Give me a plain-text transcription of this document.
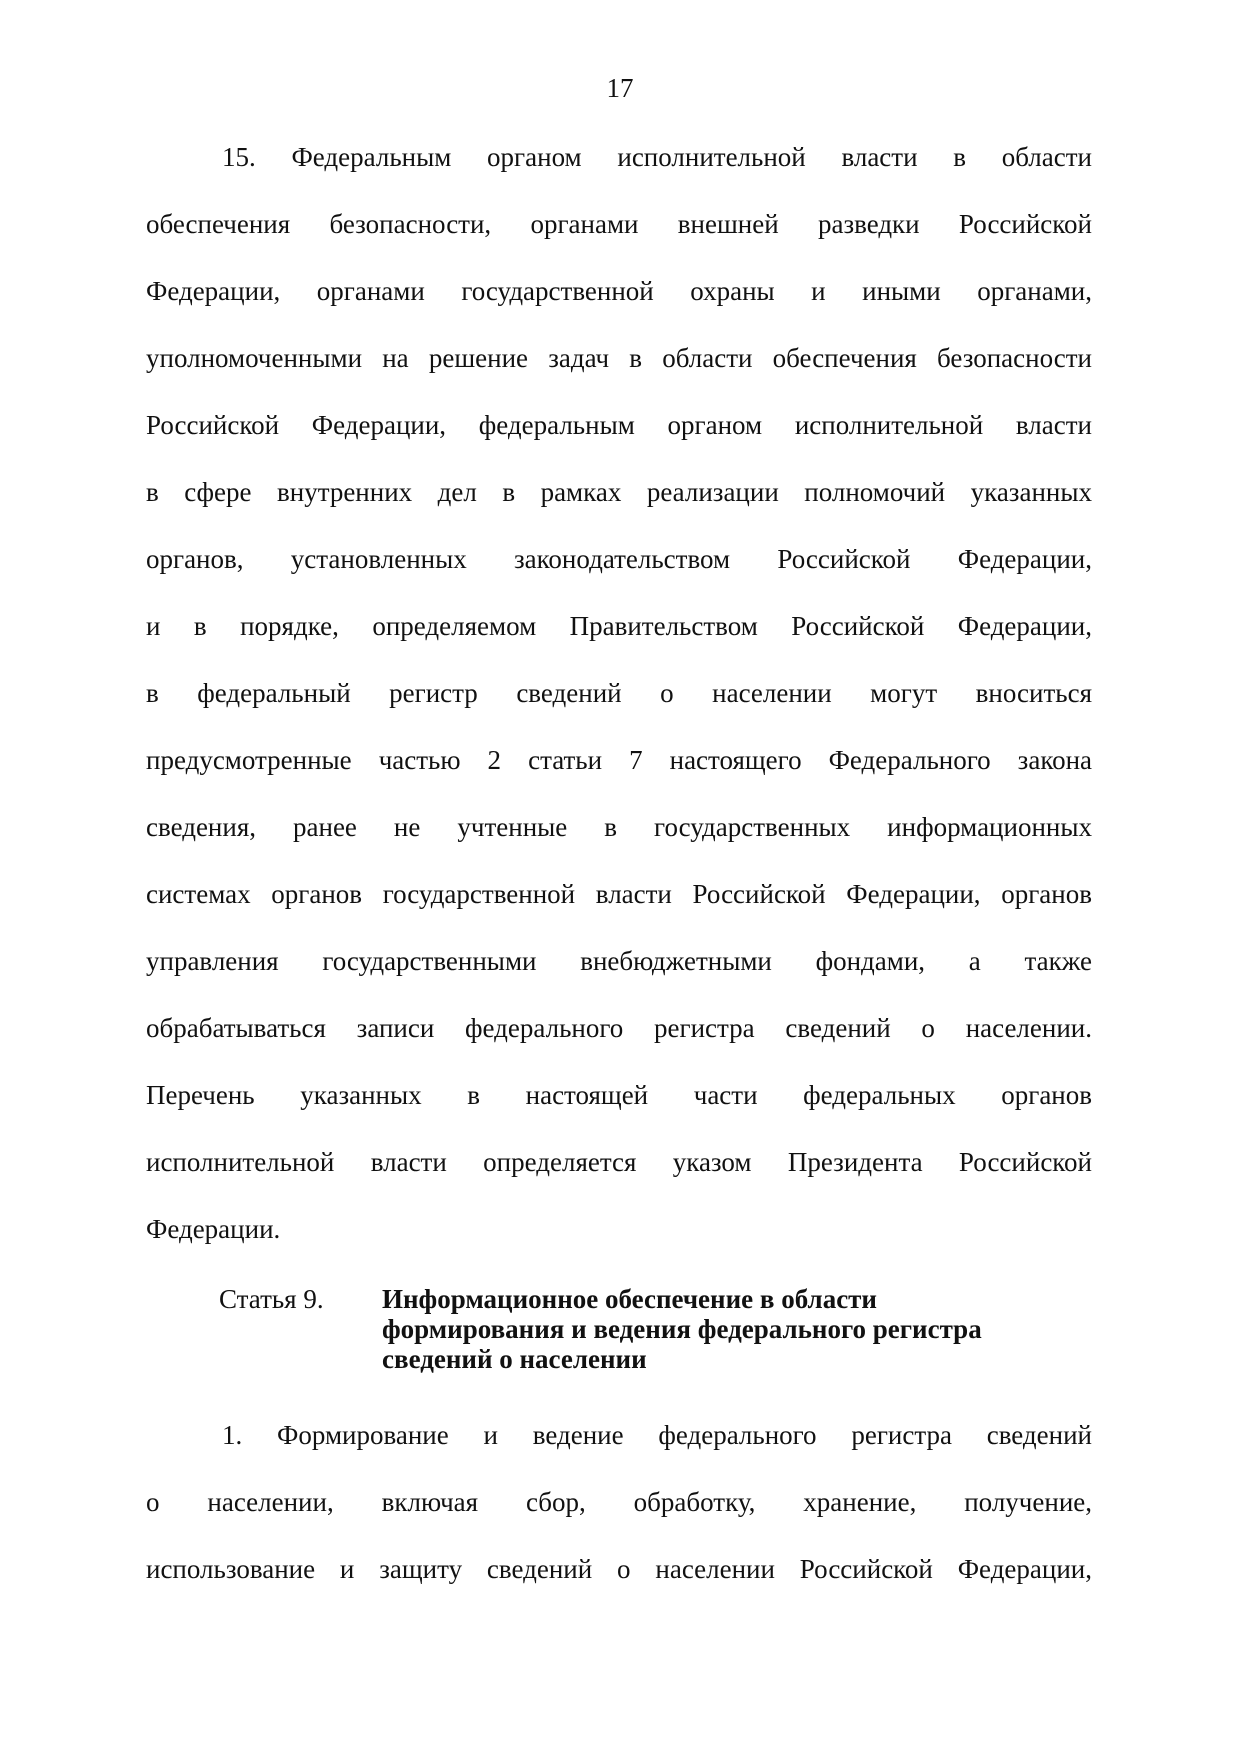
17
15. Федеральным органом исполнительной власти в области
обеспечения безопасности, органами внешней разведки Российской
Федерации, органами государственной охраны и иными органами,
уполномоченными на решение задач в области обеспечения безопасности
Российской Федерации, федеральным органом исполнительной власти
в сфере внутренних дел в рамках реализации полномочий указанных
органов, установленных законодательством Российской Федерации,
и в порядке, определяемом Правительством Российской Федерации,
в федеральный регистр сведений о населении могут вноситься
предусмотренные частью 2 статьи 7 настоящего Федерального закона
сведения, ранее не учтенные в государственных информационных
системах органов государственной власти Российской Федерации, органов
управления государственными внебюджетными фондами, а также
обрабатываться записи федерального регистра сведений о населении.
Перечень указанных в настоящей части федеральных органов
исполнительной власти определяется указом Президента Российской
Федерации.
Статья 9. Информационное обеспечение в области
формирования и ведения федерального регистра
сведений о населении
1. Формирование и ведение федерального регистра сведений
о населении, включая сбор, обработку, хранение, получение,
использование и защиту сведений о населении Российской Федерации,
